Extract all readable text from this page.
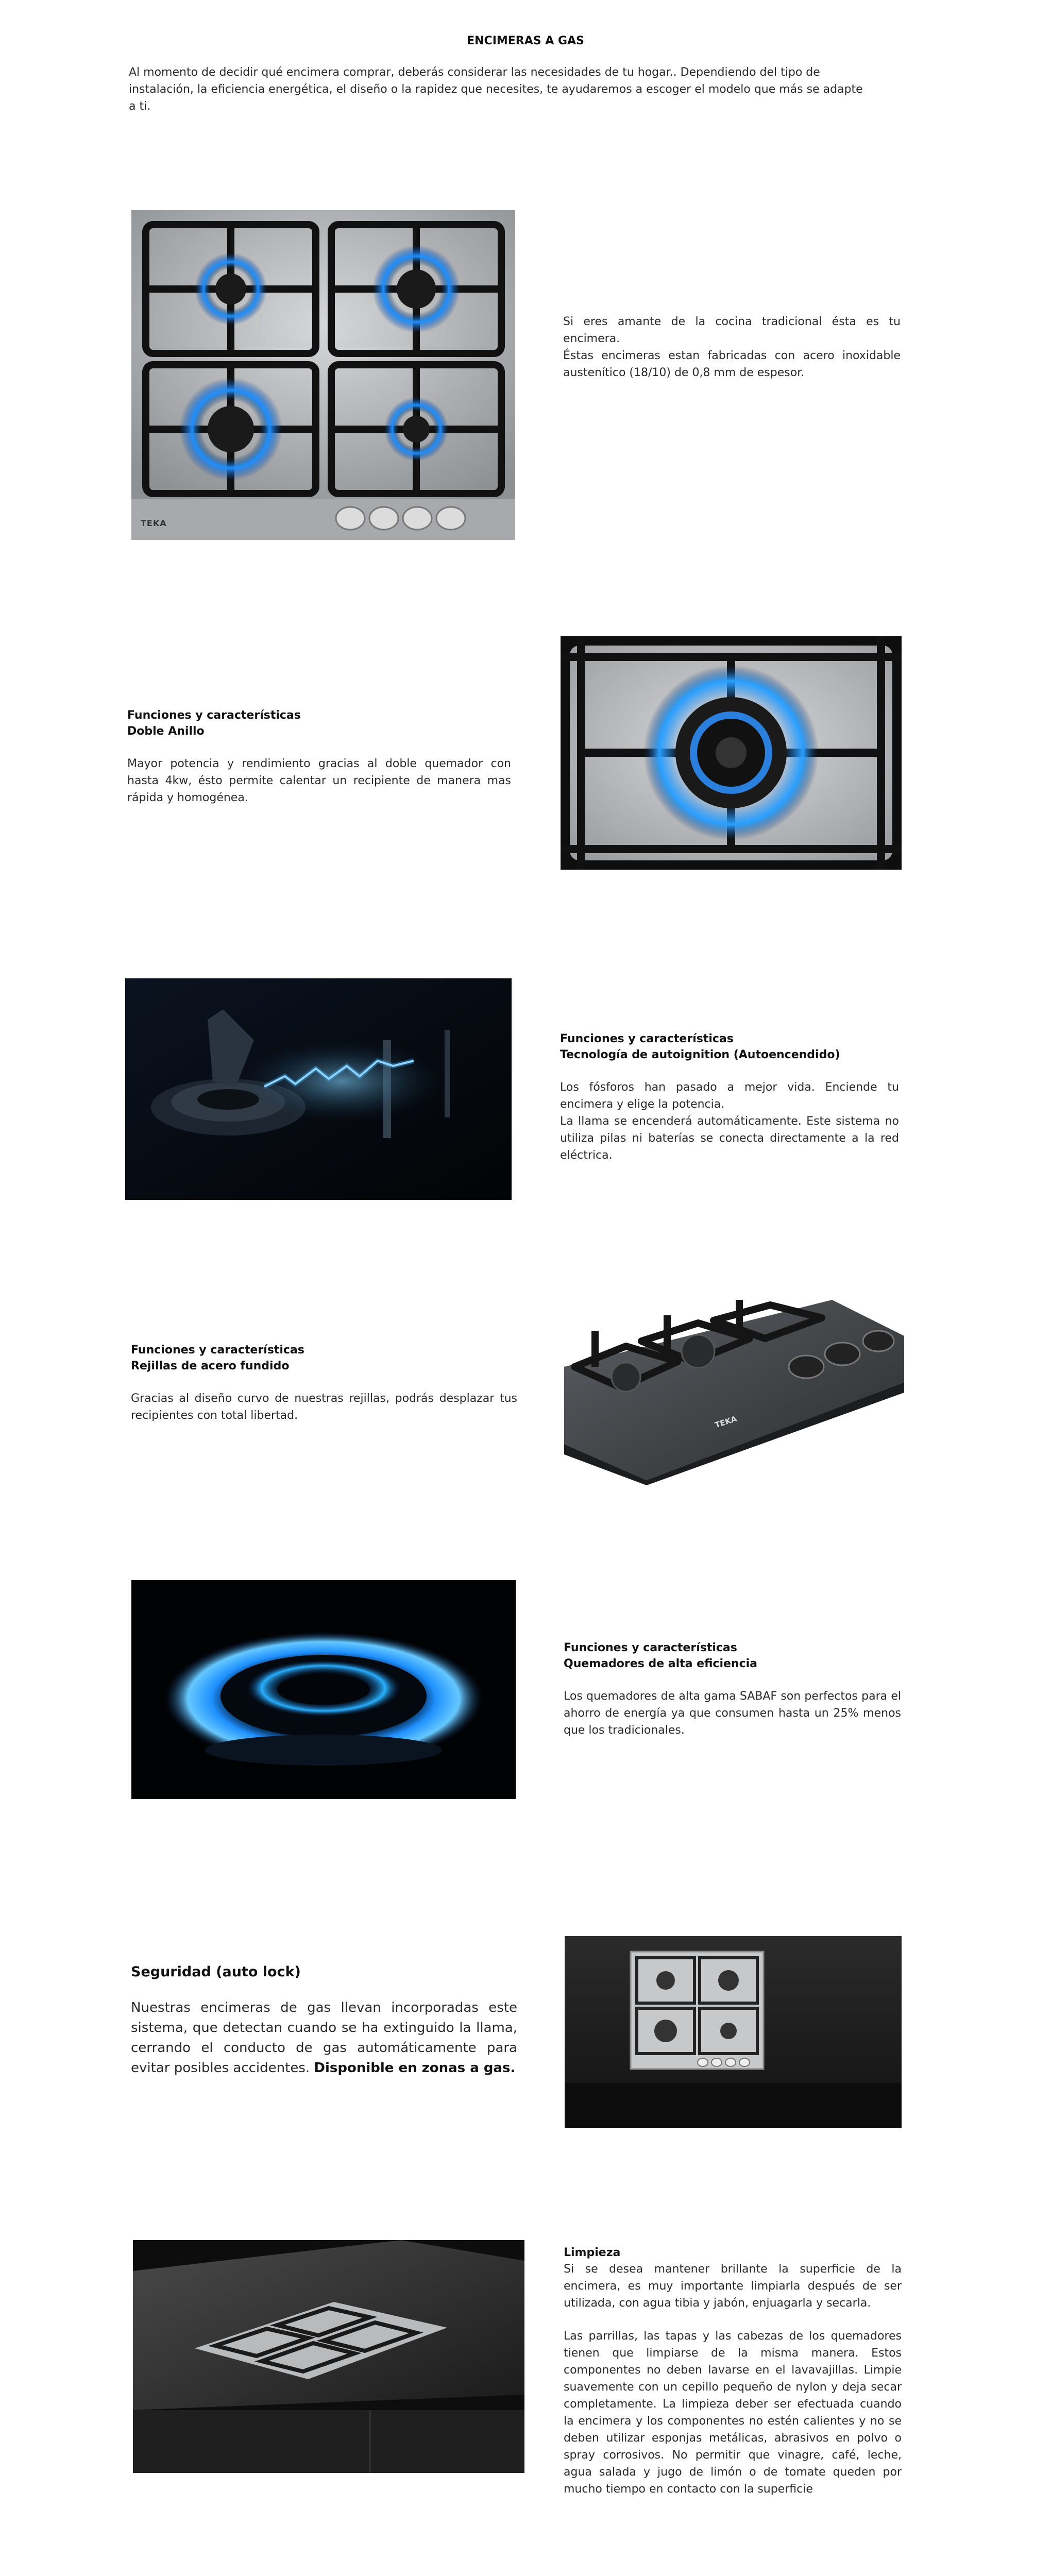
ENCIMERAS A GAS
Al momento de decidir qué encimera comprar, deberás considerar las necesidades de tu hogar.. Dependiendo del tipo de instalación, la eficiencia energética, el diseño o la rapidez que necesites, te ayudaremos a escoger el modelo que más se adapte a ti.
TEKA
Si eres amante de la cocina tradicional ésta es tu encimera.
Éstas encimeras estan fabricadas con acero inoxidable austenítico (18/10) de 0,8 mm de espesor.
Funciones y características
Doble Anillo
Mayor potencia y rendimiento gracias al doble quemador con hasta 4kw, ésto permite calentar un recipiente de manera mas rápida y homogénea.
Funciones y características
Tecnología de autoignition (Autoencendido)
Los fósforos han pasado a mejor vida. Enciende tu encimera y elige la potencia.
La llama se encenderá automáticamente. Este sistema no utiliza pilas ni baterías se conecta directamente a la red eléctrica.
Funciones y características
Rejillas de acero fundido
Gracias al diseño curvo de nuestras rejillas, podrás desplazar tus recipientes con total libertad.	TEKA
Funciones y características
Quemadores de alta eficiencia
Los quemadores de alta gama SABAF son perfectos para el ahorro de energía ya que consumen hasta un 25% menos que los tradicionales.
Seguridad (auto lock)
Nuestras encimeras de gas llevan incorporadas este sistema, que detectan cuando se ha extinguido la llama, cerrando el conducto de gas automáticamente para evitar posibles accidentes. Disponible en zonas a gas.
Limpieza
Si se desea mantener brillante la superficie de la encimera, es muy importante limpiarla después de ser utilizada, con agua tibia y jabón, enjuagarla y secarla.
Las parrillas, las tapas y las cabezas de los quemadores tienen que limpiarse de la misma manera. Estos componentes no deben lavarse en el lavavajillas. Limpie suavemente con un cepillo pequeño de nylon y deja secar completamente. La limpieza deber ser efectuada cuando la encimera y los componentes no estén calientes y no se deben utilizar esponjas metálicas, abrasivos en polvo o spray corrosivos. No permitir que vinagre, café, leche, agua salada y jugo de limón o de tomate queden por mucho tiempo en contacto con la superficie
